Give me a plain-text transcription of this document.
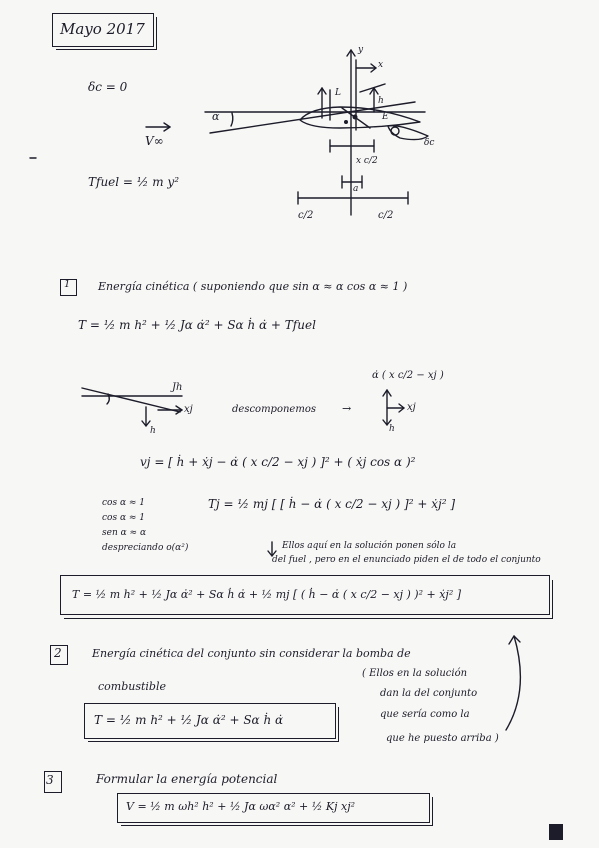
Mayo 2017
δc = 0
V∞
Tfuel = ½ m y²
α
L
y
x
h
E
δc
x c/2
a
c/2	c/2
1	Energía cinética ( suponiendo que sin α ≈ α cos α ≈ 1 )
T = ½ m h² + ½ Jα α̇² + Sα ḣ α̇ + Tfuel
Jh
xj
h
descomponemos →
α̇ ( x c/2 − xj )
xj
h
vj = [ ḣ + ẋj − α̇ ( x c/2 − xj ) ]² + ( ẋj cos α )²
cos α ≈ 1
cos α ≈ 1
sen α ≈ α
despreciando o(α²)
Tj = ½ mj [ [ ḣ − α̇ ( x c/2 − xj ) ]² + ẋj² ]
Ellos aquí en la solución ponen sólo la
del fuel , pero en el enunciado piden el de todo el conjunto
T = ½ m h² + ½ Jα α̇² + Sα ḣ α̇ + ½ mj [ ( ḣ − α̇ ( x c/2 − xj ) )² + ẋj² ]
2	Energía cinética del conjunto sin considerar la bomba de
combustible
( Ellos en la solución
dan la del conjunto
que sería como la
que he puesto arriba )
T = ½ m h² + ½ Jα α̇² + Sα ḣ α̇
3	Formular la energía potencial
V = ½ m ωh² h² + ½ Jα ωα² α² + ½ Kj xj²
